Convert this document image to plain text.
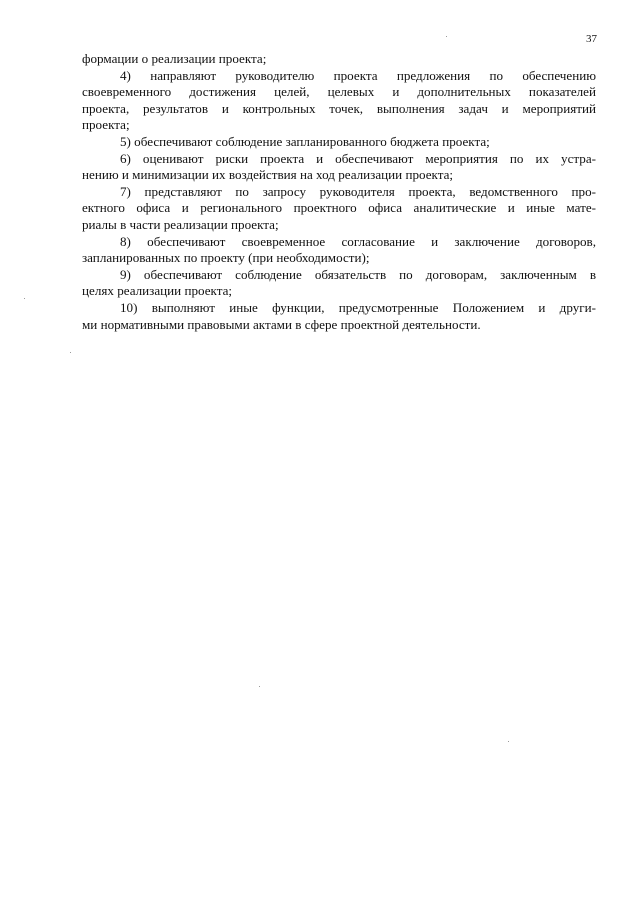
37
формации о реализации проекта;
4) направляют руководителю проекта предложения по обеспечению
своевременного достижения целей, целевых и дополнительных показателей
проекта, результатов и контрольных точек, выполнения задач и мероприятий
проекта;
5) обеспечивают соблюдение запланированного бюджета проекта;
6) оценивают риски проекта и обеспечивают мероприятия по их устра-
нению и минимизации их воздействия на ход реализации проекта;
7) представляют по запросу руководителя проекта, ведомственного про-
ектного офиса и регионального проектного офиса аналитические и иные мате-
риалы в части реализации проекта;
8) обеспечивают своевременное согласование и заключение договоров,
запланированных по проекту (при необходимости);
9) обеспечивают соблюдение обязательств по договорам, заключенным в
целях реализации проекта;
10) выполняют иные функции, предусмотренные Положением и други-
ми нормативными правовыми актами в сфере проектной деятельности.
